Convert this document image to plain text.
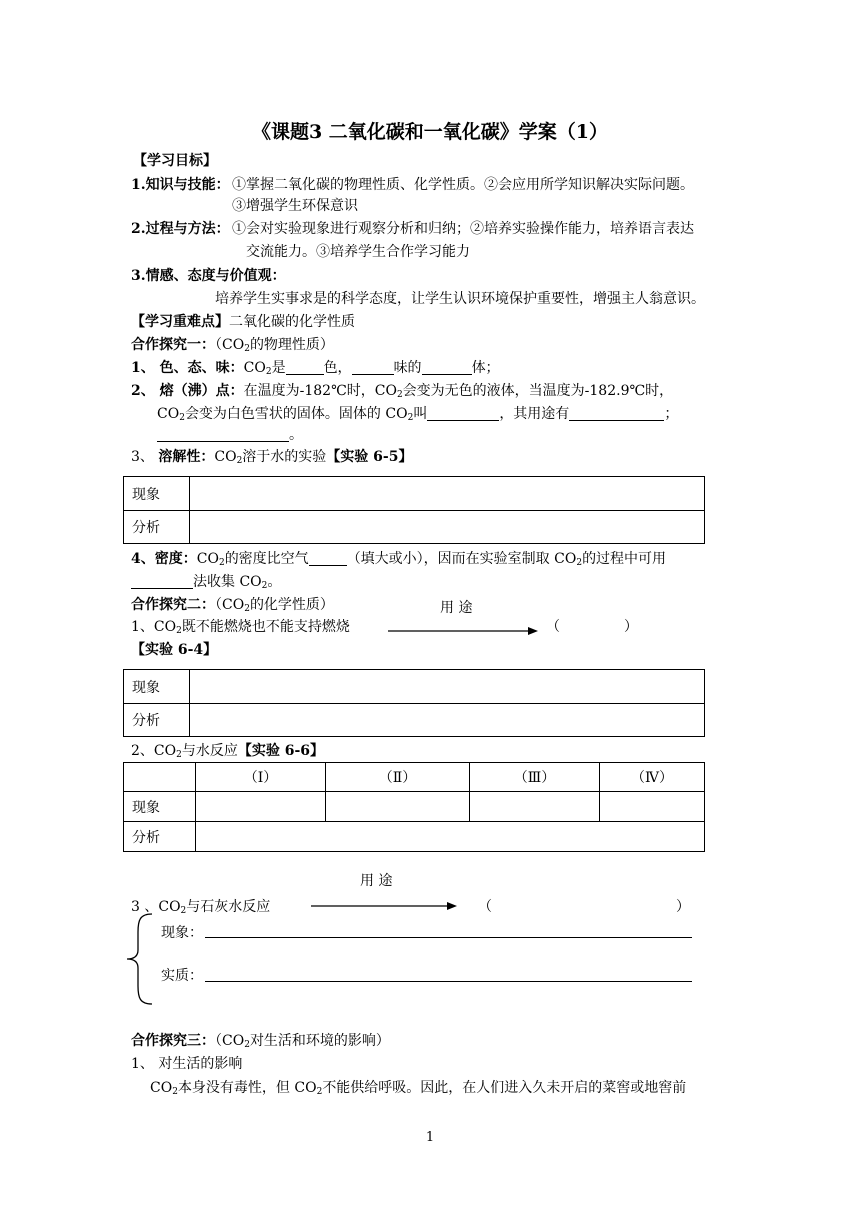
《课题3 二氧化碳和一氧化碳》学案（1）
【学习目标】
1.知识与技能： ①掌握二氧化碳的物理性质、化学性质。②会应用所学知识解决实际问题。
③增强学生环保意识
2.过程与方法： ①会对实验现象进行观察分析和归纳；②培养实验操作能力，培养语言表达
交流能力。③培养学生合作学习能力
3.情感、态度与价值观：
培养学生实事求是的科学态度，让学生认识环境保护重要性，增强主人翁意识。
【学习重难点】二氧化碳的化学性质
合作探究一：（$CO_2$的物理性质）
1、 色、态、味：$CO_2$是	色，	味的	体；
2、 熔（沸）点：在温度为-182℃时，$CO_2$会变为无色的液体，当温度为-182.9℃时，
$CO_2$会变为白色雪状的固体。固体的 $CO_2$叫	，其用途有	；
。
3、 溶解性：$CO_2$溶于水的实验【实验 6-5】
现象	
分析	
4、密度：$CO_2$的密度比空气	（填大或小），因而在实验室制取 $CO_2$的过程中可用
法收集 $CO_2$。
合作探究二：（$CO_2$的化学性质）	用 途
1、$CO_2$既不能燃烧也不能支持燃烧	（	）
【实验 6-4】
现象	
分析	
2、$CO_2$与水反应【实验 6-6】
	（Ⅰ）	（Ⅱ）	（Ⅲ）	（Ⅳ）
现象				
分析				
用 途
3 、$CO_2$与石灰水反应	（	）
现象：
实质：
合作探究三：（$CO_2$对生活和环境的影响）
1、 对生活的影响
$CO_2$本身没有毒性，但 $CO_2$不能供给呼吸。因此，在人们进入久未开启的菜窖或地窖前
1
